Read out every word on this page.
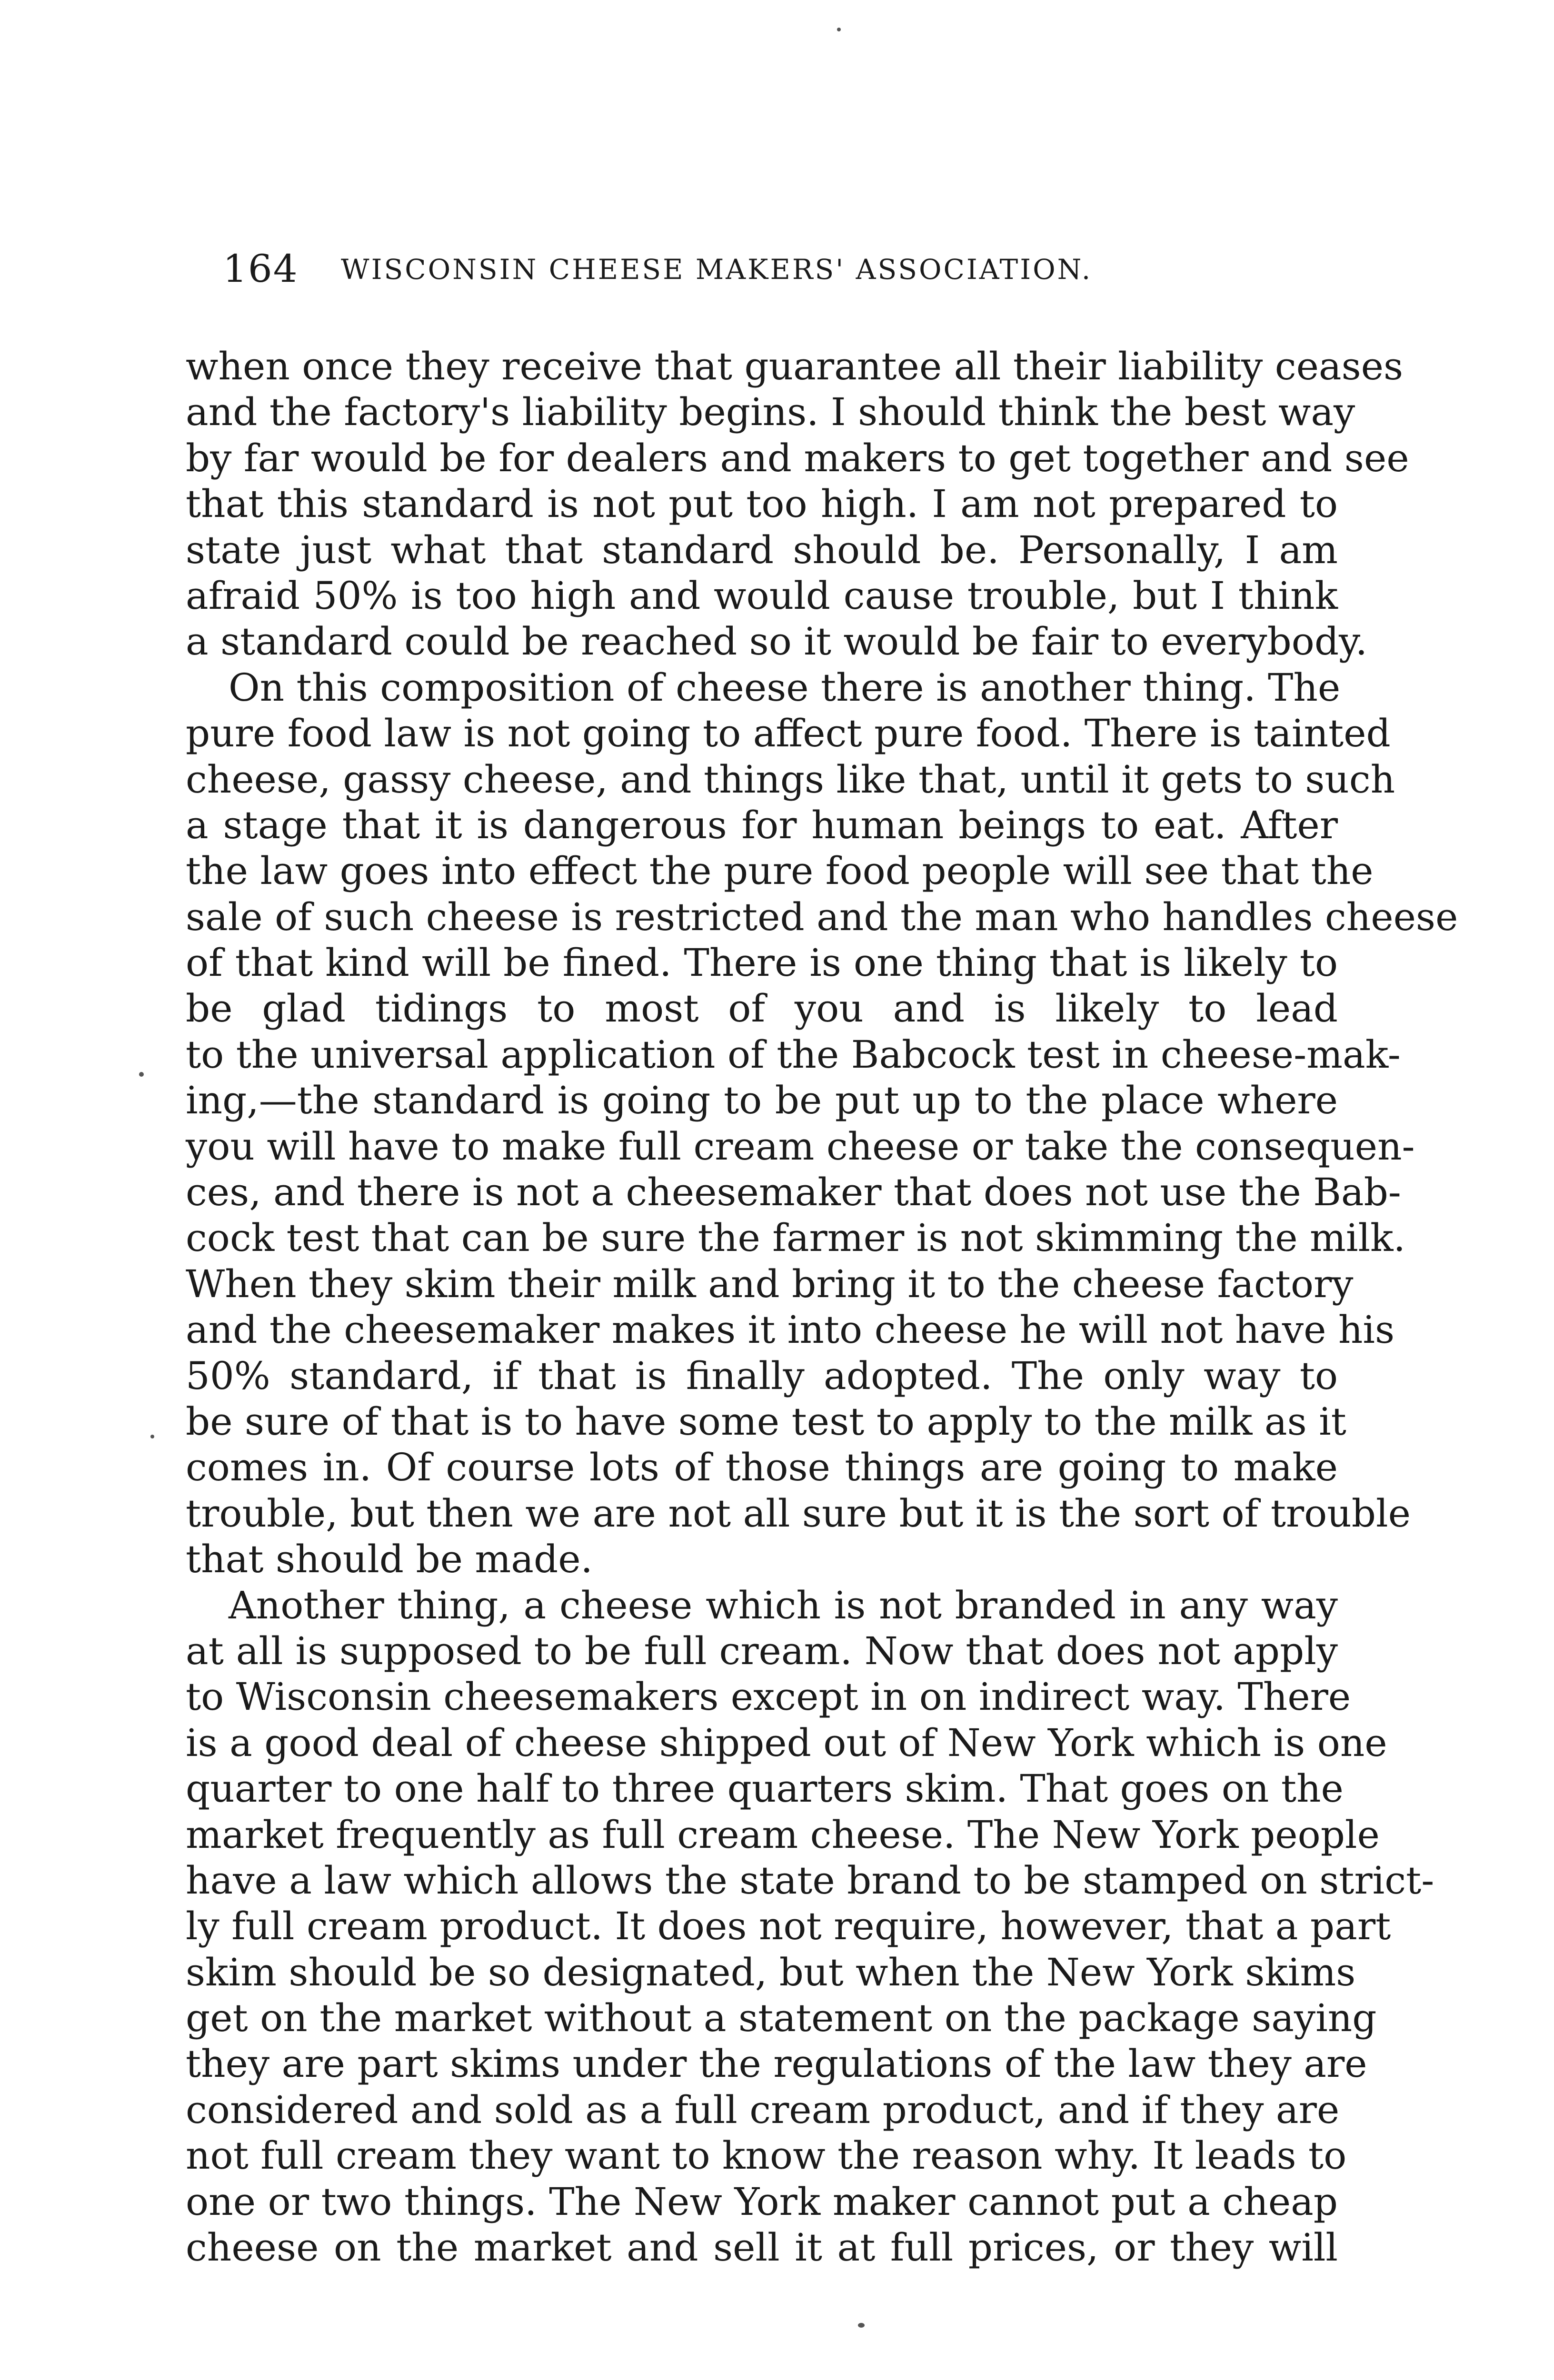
164 WISCONSIN CHEESE MAKERS' ASSOCIATION.
when once they receive that guarantee all their liability ceases
and the factory's liability begins. I should think the best way
by far would be for dealers and makers to get together and see
that this standard is not put too high. I am not prepared to
state just what that standard should be. Personally, I am
afraid 50% is too high and would cause trouble, but I think
a standard could be reached so it would be fair to everybody.
On this composition of cheese there is another thing. The
pure food law is not going to affect pure food. There is tainted
cheese, gassy cheese, and things like that, until it gets to such
a stage that it is dangerous for human beings to eat. After
the law goes into effect the pure food people will see that the
sale of such cheese is restricted and the man who handles cheese
of that kind will be fined. There is one thing that is likely to
be glad tidings to most of you and is likely to lead
to the universal application of the Babcock test in cheese-mak-
ing,—the standard is going to be put up to the place where
you will have to make full cream cheese or take the consequen-
ces, and there is not a cheesemaker that does not use the Bab-
cock test that can be sure the farmer is not skimming the milk.
When they skim their milk and bring it to the cheese factory
and the cheesemaker makes it into cheese he will not have his
50% standard, if that is finally adopted. The only way to
be sure of that is to have some test to apply to the milk as it
comes in. Of course lots of those things are going to make
trouble, but then we are not all sure but it is the sort of trouble
that should be made.
Another thing, a cheese which is not branded in any way
at all is supposed to be full cream. Now that does not apply
to Wisconsin cheesemakers except in on indirect way. There
is a good deal of cheese shipped out of New York which is one
quarter to one half to three quarters skim. That goes on the
market frequently as full cream cheese. The New York people
have a law which allows the state brand to be stamped on strict-
ly full cream product. It does not require, however, that a part
skim should be so designated, but when the New York skims
get on the market without a statement on the package saying
they are part skims under the regulations of the law they are
considered and sold as a full cream product, and if they are
not full cream they want to know the reason why. It leads to
one or two things. The New York maker cannot put a cheap
cheese on the market and sell it at full prices, or they will
